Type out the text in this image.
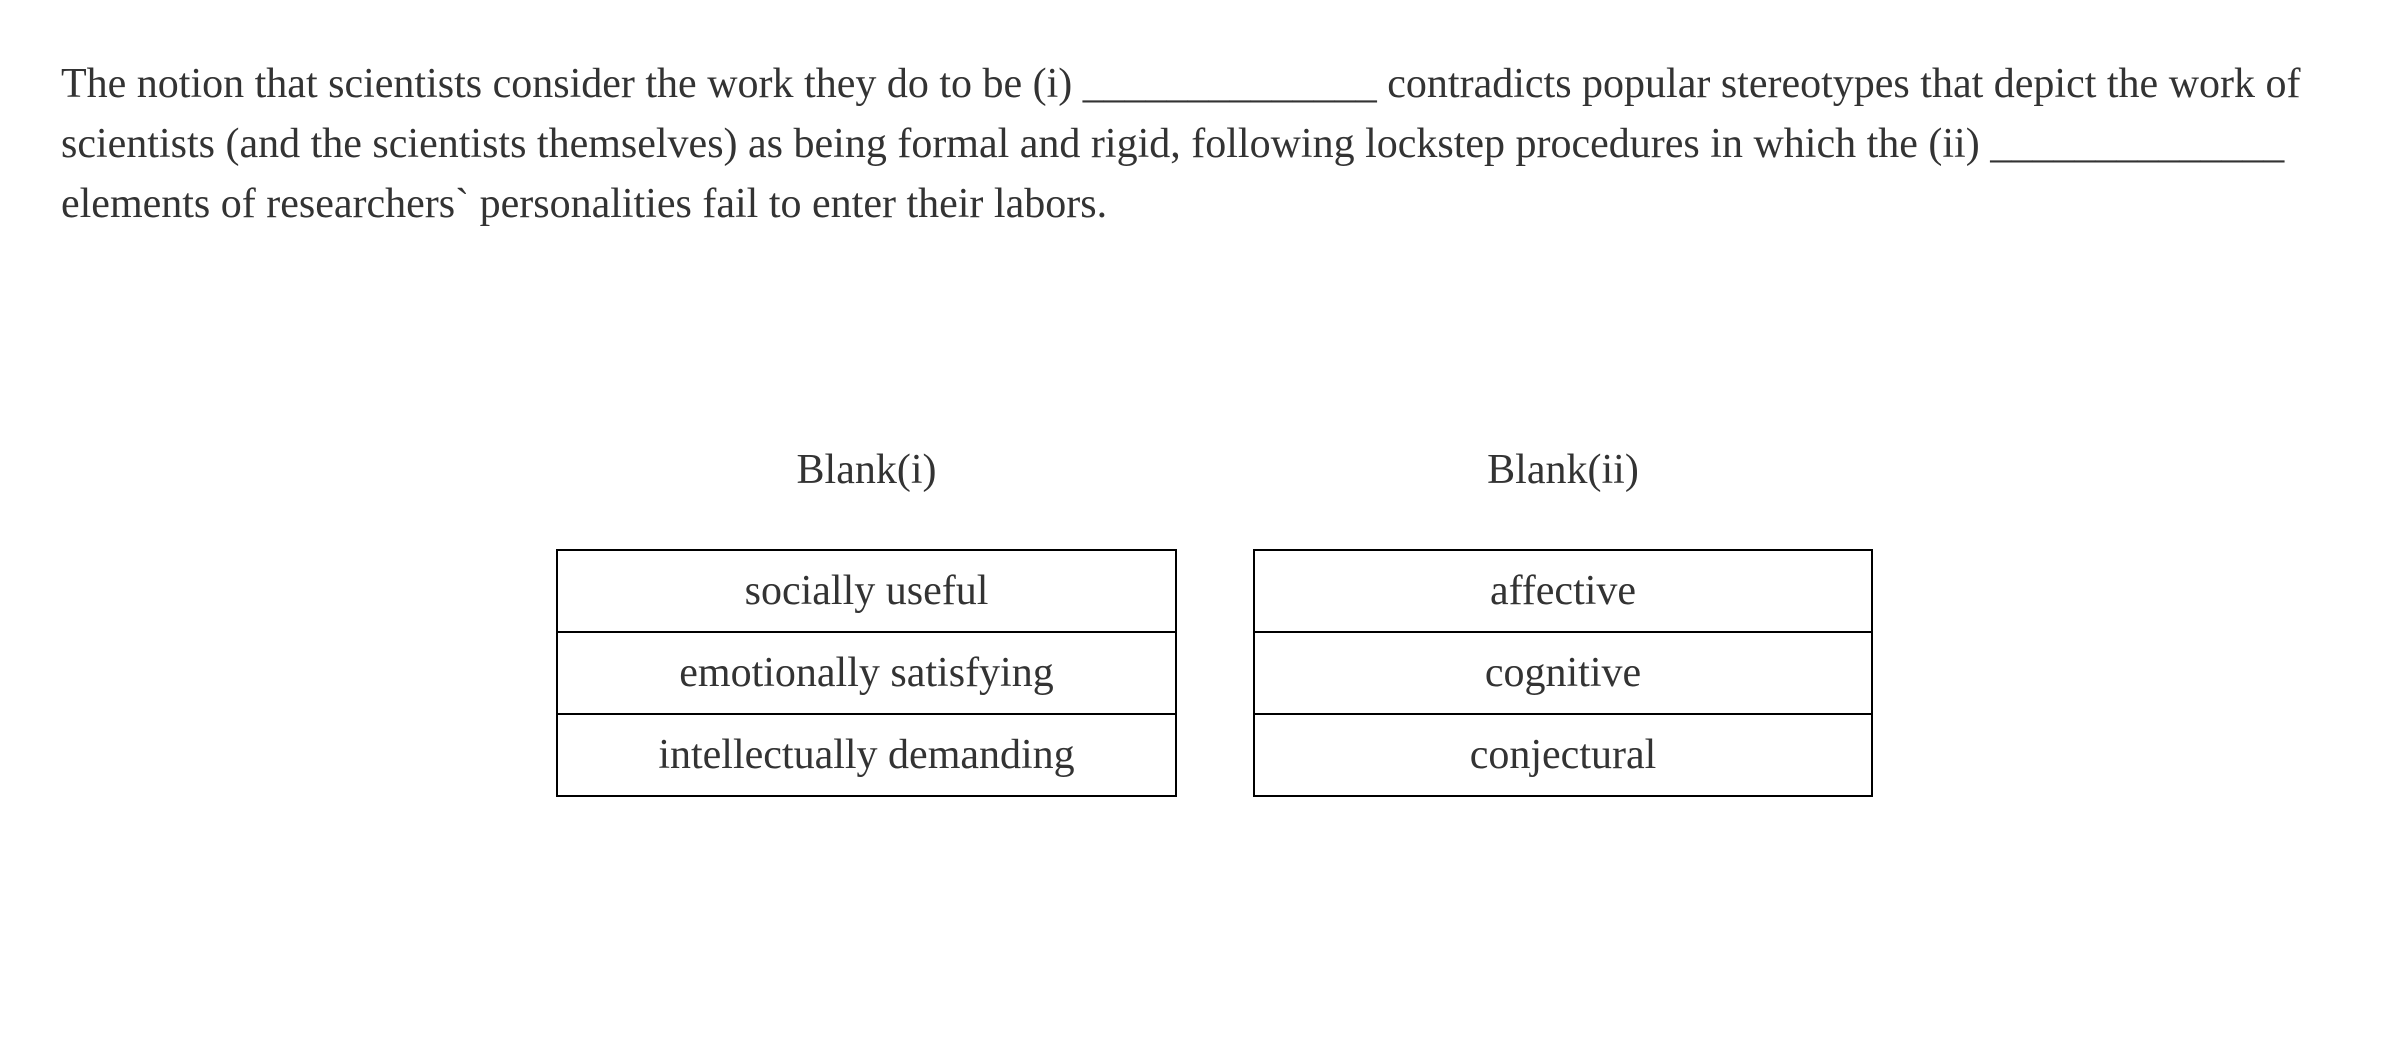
The notion that scientists consider the work they do to be (i) ______________ contradicts popular stereotypes that depict the work of scientists (and the scientists themselves) as being formal and rigid, following lockstep procedures in which the (ii) ______________ elements of researchers` personalities fail to enter their labors.

Blank(i)
socially useful
emotionally satisfying
intellectually demanding
Blank(ii)
affective
cognitive
conjectural
